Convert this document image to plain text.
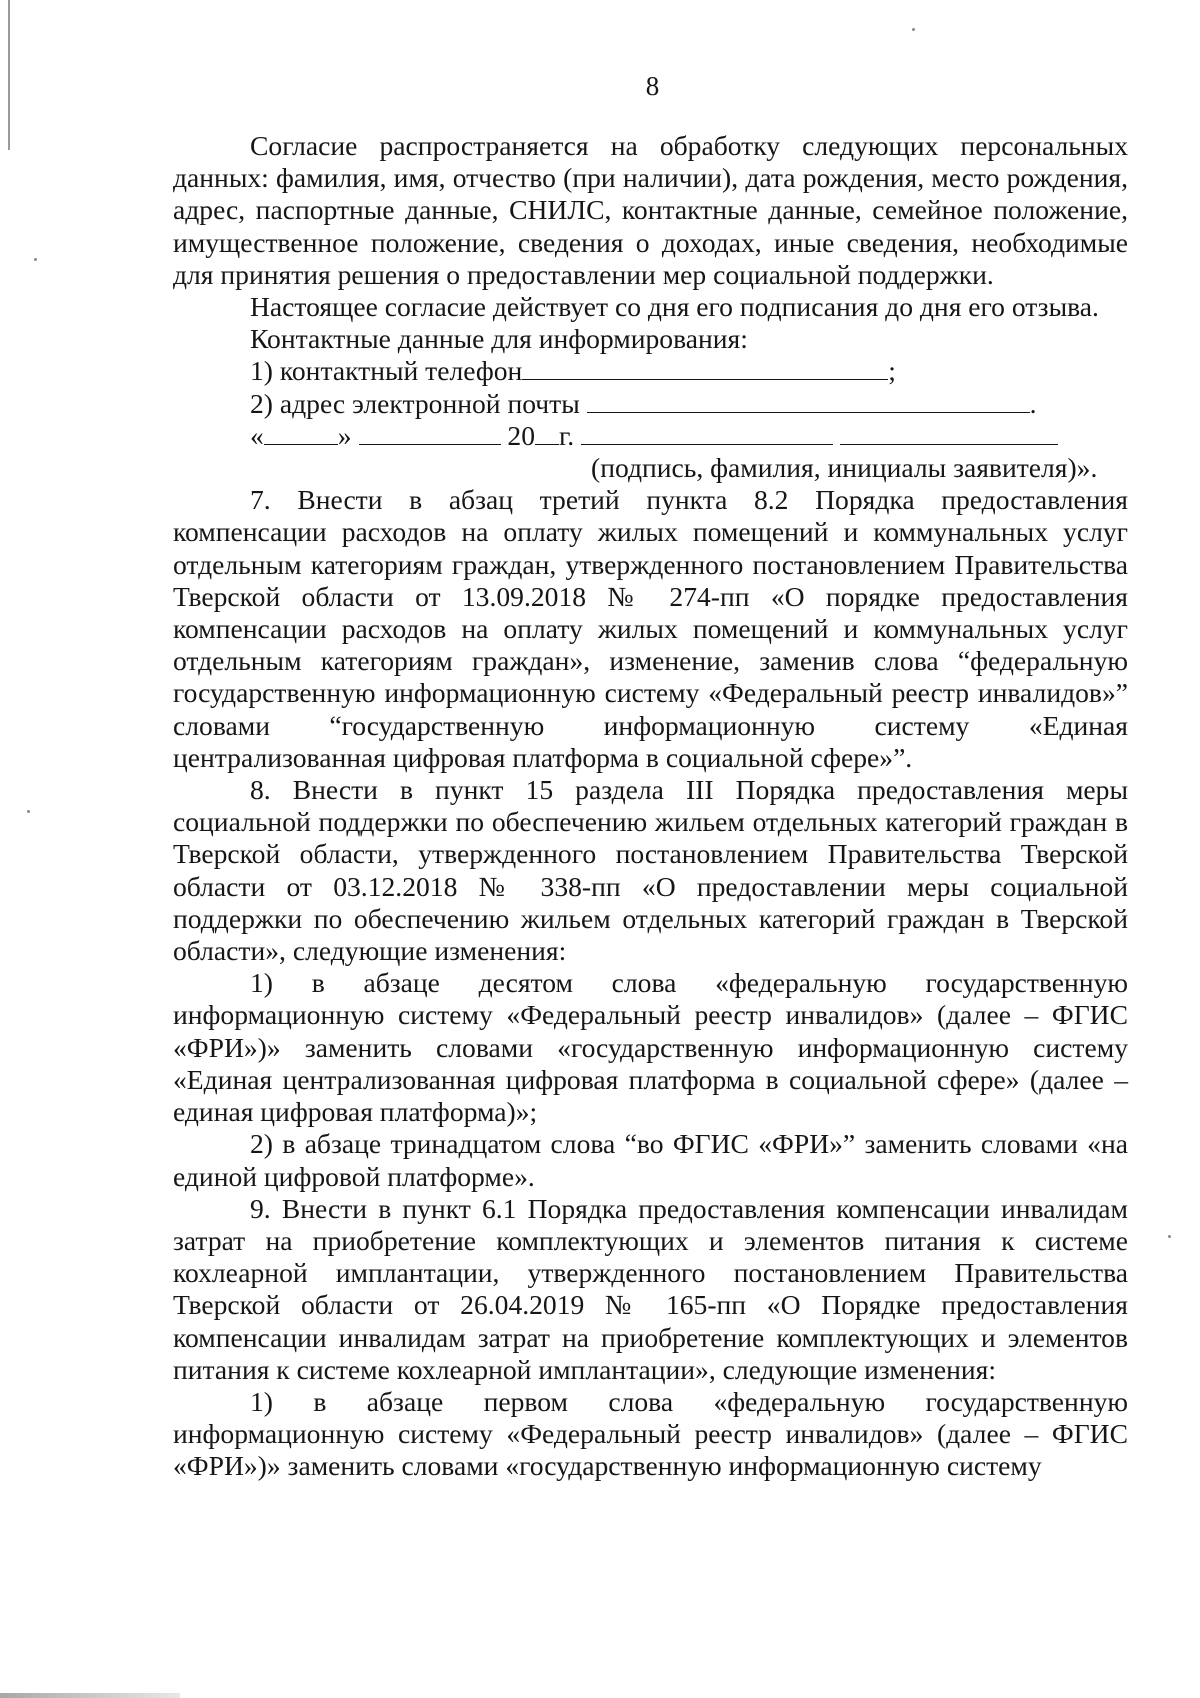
8

Согласие распространяется на обработку следующих персональных данных: фамилия, имя, отчество (при наличии), дата рождения, место рождения, адрес, паспортные данные, СНИЛС, контактные данные, семейное положение, имущественное положение, сведения о доходах, иные сведения, необходимые для принятия решения о предоставлении мер социальной поддержки.

Настоящее согласие действует со дня его подписания до дня его отзыва.

Контактные данные для информирования:

1) контактный телефон	;

2) адрес электронной почты	.

«	»	20 г.

(подпись, фамилия, инициалы заявителя)».

7. Внести в абзац третий пункта 8.2 Порядка предоставления компенсации расходов на оплату жилых помещений и коммунальных услуг отдельным категориям граждан, утвержденного постановлением Правительства Тверской области от 13.09.2018 № 274-пп «О порядке предоставления компенсации расходов на оплату жилых помещений и коммунальных услуг отдельным категориям граждан», изменение, заменив слова “федеральную государственную информационную систему «Федеральный реестр инвалидов»” словами “государственную информационную систему «Единая централизованная цифровая платформа в социальной сфере»”.

8. Внести в пункт 15 раздела III Порядка предоставления меры социальной поддержки по обеспечению жильем отдельных категорий граждан в Тверской области, утвержденного постановлением Правительства Тверской области от 03.12.2018 № 338-пп «О предоставлении меры социальной поддержки по обеспечению жильем отдельных категорий граждан в Тверской области», следующие изменения:

1) в абзаце десятом слова «федеральную государственную информационную систему «Федеральный реестр инвалидов» (далее – ФГИС «ФРИ»)» заменить словами «государственную информационную систему «Единая централизованная цифровая платформа в социальной сфере» (далее – единая цифровая платформа)»;

2) в абзаце тринадцатом слова “во ФГИС «ФРИ»” заменить словами «на единой цифровой платформе».

9. Внести в пункт 6.1 Порядка предоставления компенсации инвалидам затрат на приобретение комплектующих и элементов питания к системе кохлеарной имплантации, утвержденного постановлением Правительства Тверской области от 26.04.2019 № 165-пп «О Порядке предоставления компенсации инвалидам затрат на приобретение комплектующих и элементов питания к системе кохлеарной имплантации», следующие изменения:

1) в абзаце первом слова «федеральную государственную информационную систему «Федеральный реестр инвалидов» (далее – ФГИС «ФРИ»)» заменить словами «государственную информационную систему
